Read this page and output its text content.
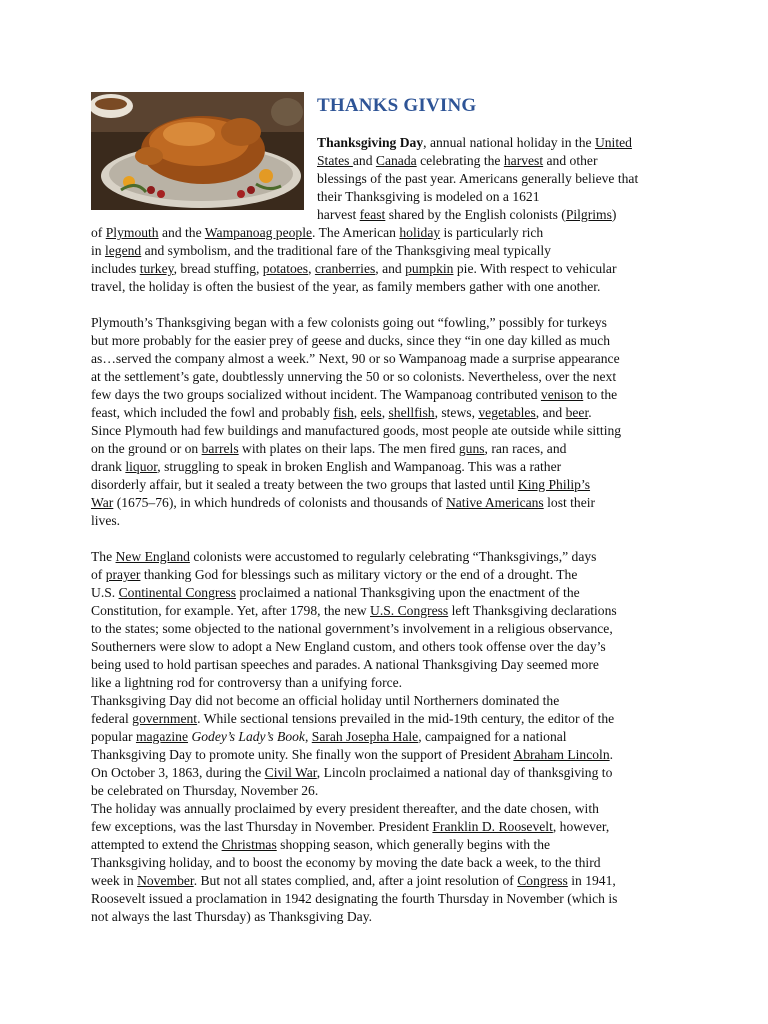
THANKS GIVING
Thanksgiving Day, annual national holiday in the United
States and Canada celebrating the harvest and other
blessings of the past year. Americans generally believe that
their Thanksgiving is modeled on a 1621
harvest feast shared by the English colonists (Pilgrims)
of Plymouth and the Wampanoag people. The American holiday is particularly rich
in legend and symbolism, and the traditional fare of the Thanksgiving meal typically
includes turkey, bread stuffing, potatoes, cranberries, and pumpkin pie. With respect to vehicular
travel, the holiday is often the busiest of the year, as family members gather with one another.
Plymouth’s Thanksgiving began with a few colonists going out “fowling,” possibly for turkeys
but more probably for the easier prey of geese and ducks, since they “in one day killed as much
as…served the company almost a week.” Next, 90 or so Wampanoag made a surprise appearance
at the settlement’s gate, doubtlessly unnerving the 50 or so colonists. Nevertheless, over the next
few days the two groups socialized without incident. The Wampanoag contributed venison to the
feast, which included the fowl and probably fish, eels, shellfish, stews, vegetables, and beer.
Since Plymouth had few buildings and manufactured goods, most people ate outside while sitting
on the ground or on barrels with plates on their laps. The men fired guns, ran races, and
drank liquor, struggling to speak in broken English and Wampanoag. This was a rather
disorderly affair, but it sealed a treaty between the two groups that lasted until King Philip’s
War (1675–76), in which hundreds of colonists and thousands of Native Americans lost their
lives.
The New England colonists were accustomed to regularly celebrating “Thanksgivings,” days
of prayer thanking God for blessings such as military victory or the end of a drought. The
U.S. Continental Congress proclaimed a national Thanksgiving upon the enactment of the
Constitution, for example. Yet, after 1798, the new U.S. Congress left Thanksgiving declarations
to the states; some objected to the national government’s involvement in a religious observance,
Southerners were slow to adopt a New England custom, and others took offense over the day’s
being used to hold partisan speeches and parades. A national Thanksgiving Day seemed more
like a lightning rod for controversy than a unifying force.
Thanksgiving Day did not become an official holiday until Northerners dominated the
federal government. While sectional tensions prevailed in the mid-19th century, the editor of the
popular magazine Godey’s Lady’s Book, Sarah Josepha Hale, campaigned for a national
Thanksgiving Day to promote unity. She finally won the support of President Abraham Lincoln.
On October 3, 1863, during the Civil War, Lincoln proclaimed a national day of thanksgiving to
be celebrated on Thursday, November 26.
The holiday was annually proclaimed by every president thereafter, and the date chosen, with
few exceptions, was the last Thursday in November. President Franklin D. Roosevelt, however,
attempted to extend the Christmas shopping season, which generally begins with the
Thanksgiving holiday, and to boost the economy by moving the date back a week, to the third
week in November. But not all states complied, and, after a joint resolution of Congress in 1941,
Roosevelt issued a proclamation in 1942 designating the fourth Thursday in November (which is
not always the last Thursday) as Thanksgiving Day.
